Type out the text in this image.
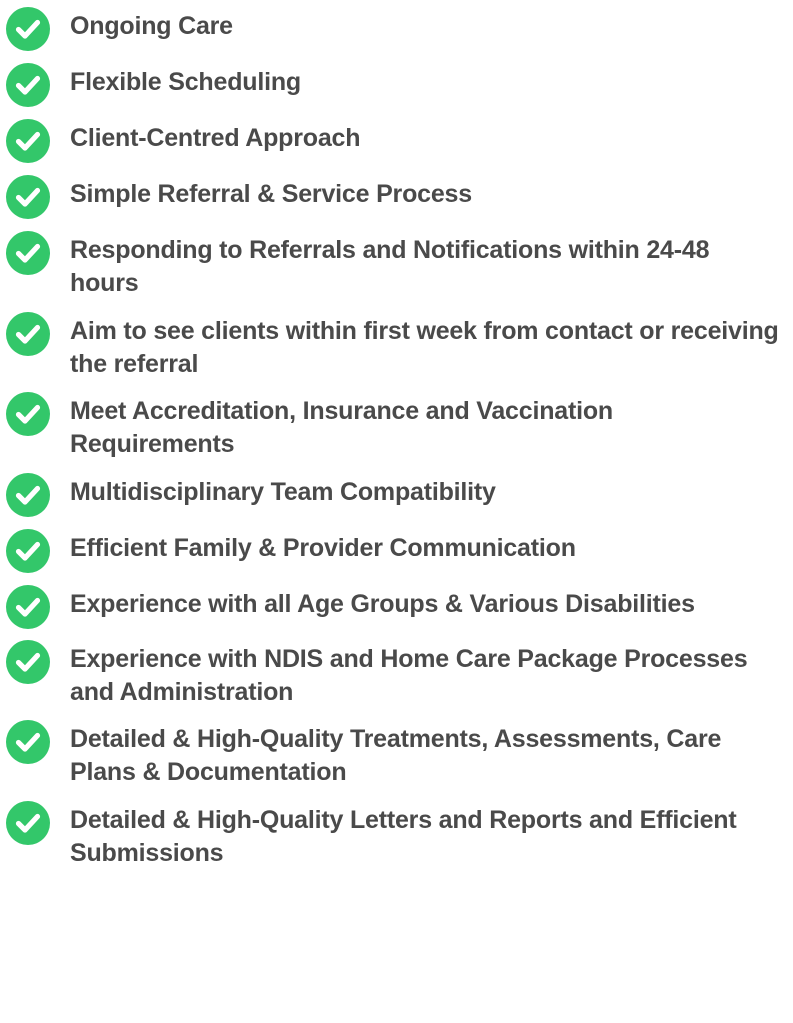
Ongoing Care
Flexible Scheduling
Client-Centred Approach
Simple Referral & Service Process
Responding to Referrals and Notifications within 24-48 hours
Aim to see clients within first week from contact or receiving the referral
Meet Accreditation, Insurance and Vaccination Requirements
Multidisciplinary Team Compatibility
Efficient Family & Provider Communication
Experience with all Age Groups & Various Disabilities
Experience with NDIS and Home Care Package Processes and Administration
Detailed & High-Quality Treatments, Assessments, Care Plans & Documentation
Detailed & High-Quality Letters and Reports and Efficient Submissions
